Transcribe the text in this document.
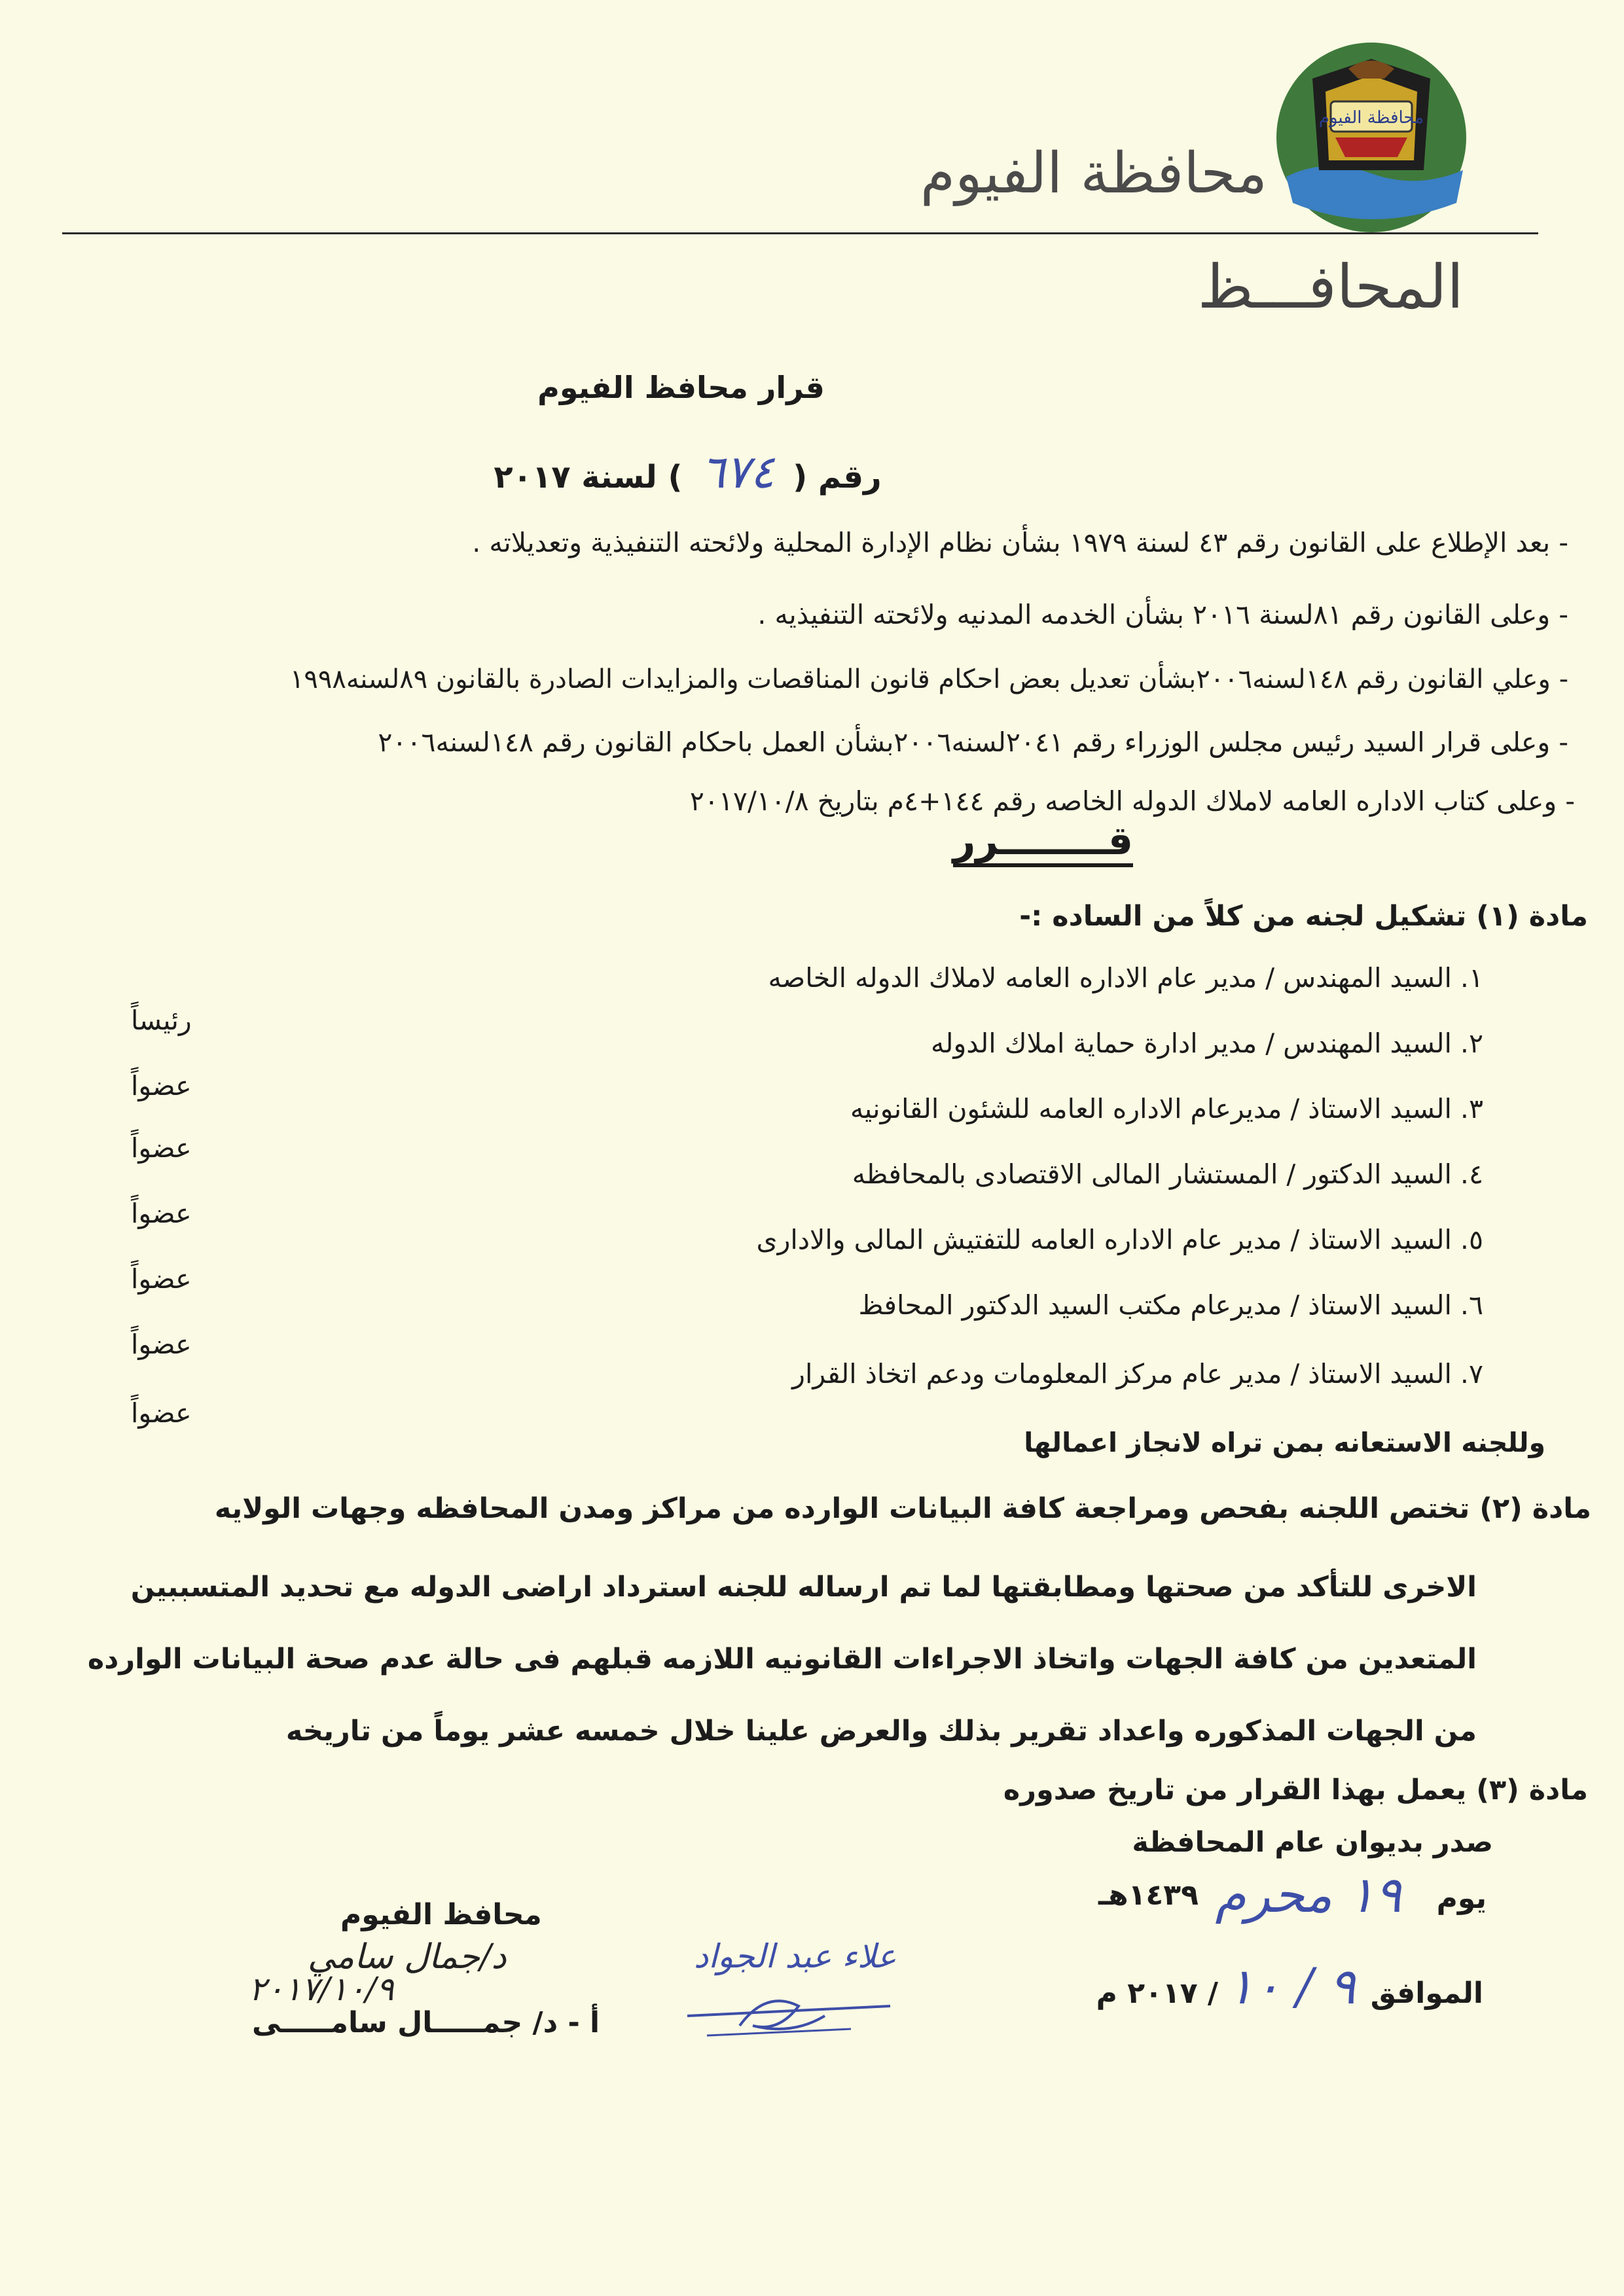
محافظة الفيوم
محافظة الفيوم
المحافـــظ
قرار محافظ الفيوم
رقم (٦٧٤) لسنة ٢٠١٧
- بعد الإطلاع على القانون رقم ٤٣ لسنة ١٩٧٩ بشأن نظام الإدارة المحلية ولائحته التنفيذية وتعديلاته .
- وعلى القانون رقم ٨١لسنة ٢٠١٦ بشأن الخدمه المدنيه ولائحته التنفيذيه .
- وعلي القانون رقم ١٤٨لسنه٢٠٠٦بشأن تعديل بعض احكام قانون المناقصات والمزايدات الصادرة بالقانون ٨٩لسنه١٩٩٨
- وعلى قرار السيد رئيس مجلس الوزراء رقم ٢٠٤١لسنه٢٠٠٦بشأن العمل باحكام القانون رقم ١٤٨لسنه٢٠٠٦
- وعلى كتاب الاداره العامه لاملاك الدوله الخاصه رقم ١٤٤+٤م بتاريخ ٢٠١٧/١٠/٨
قــــــــرر
مادة (١) تشكيل لجنه من كلاً من الساده :-
١. السيد المهندس / مدير عام الاداره العامه لاملاك الدوله الخاصه
٢. السيد المهندس / مدير ادارة حماية املاك الدوله
٣. السيد الاستاذ / مديرعام الاداره العامه للشئون القانونيه
٤. السيد الدكتور / المستشار المالى الاقتصادى بالمحافظه
٥. السيد الاستاذ / مدير عام الاداره العامه للتفتيش المالى والادارى
٦. السيد الاستاذ / مديرعام مكتب السيد الدكتور المحافظ
٧. السيد الاستاذ / مدير عام مركز المعلومات ودعم اتخاذ القرار
رئيساً
عضواً
عضواً
عضواً
عضواً
عضواً
عضواً
وللجنه الاستعانه بمن تراه لانجاز اعمالها
مادة (٢) تختص اللجنه بفحص ومراجعة كافة البيانات الوارده من مراكز ومدن المحافظه وجهات الولايه
الاخرى للتأكد من صحتها ومطابقتها لما تم ارساله للجنه استرداد اراضى الدوله مع تحديد المتسببين
المتعدين من كافة الجهات واتخاذ الاجراءات القانونيه اللازمه قبلهم فى حالة عدم صحة البيانات الوارده
من الجهات المذكوره واعداد تقرير بذلك والعرض علينا خلال خمسه عشر يوماً من تاريخه
مادة (٣) يعمل بهذا القرار من تاريخ صدوره
صدر بديوان عام المحافظة
يوم
١٩ محرم
١٤٣٩هـ
الموافق
٩ / ١٠
/ ٢٠١٧ م
محافظ الفيوم
د/جمال سامي
٢٠١٧/١٠/٩
أ - د/ جمـــــال سامـــــى
علاء عبد الجواد
